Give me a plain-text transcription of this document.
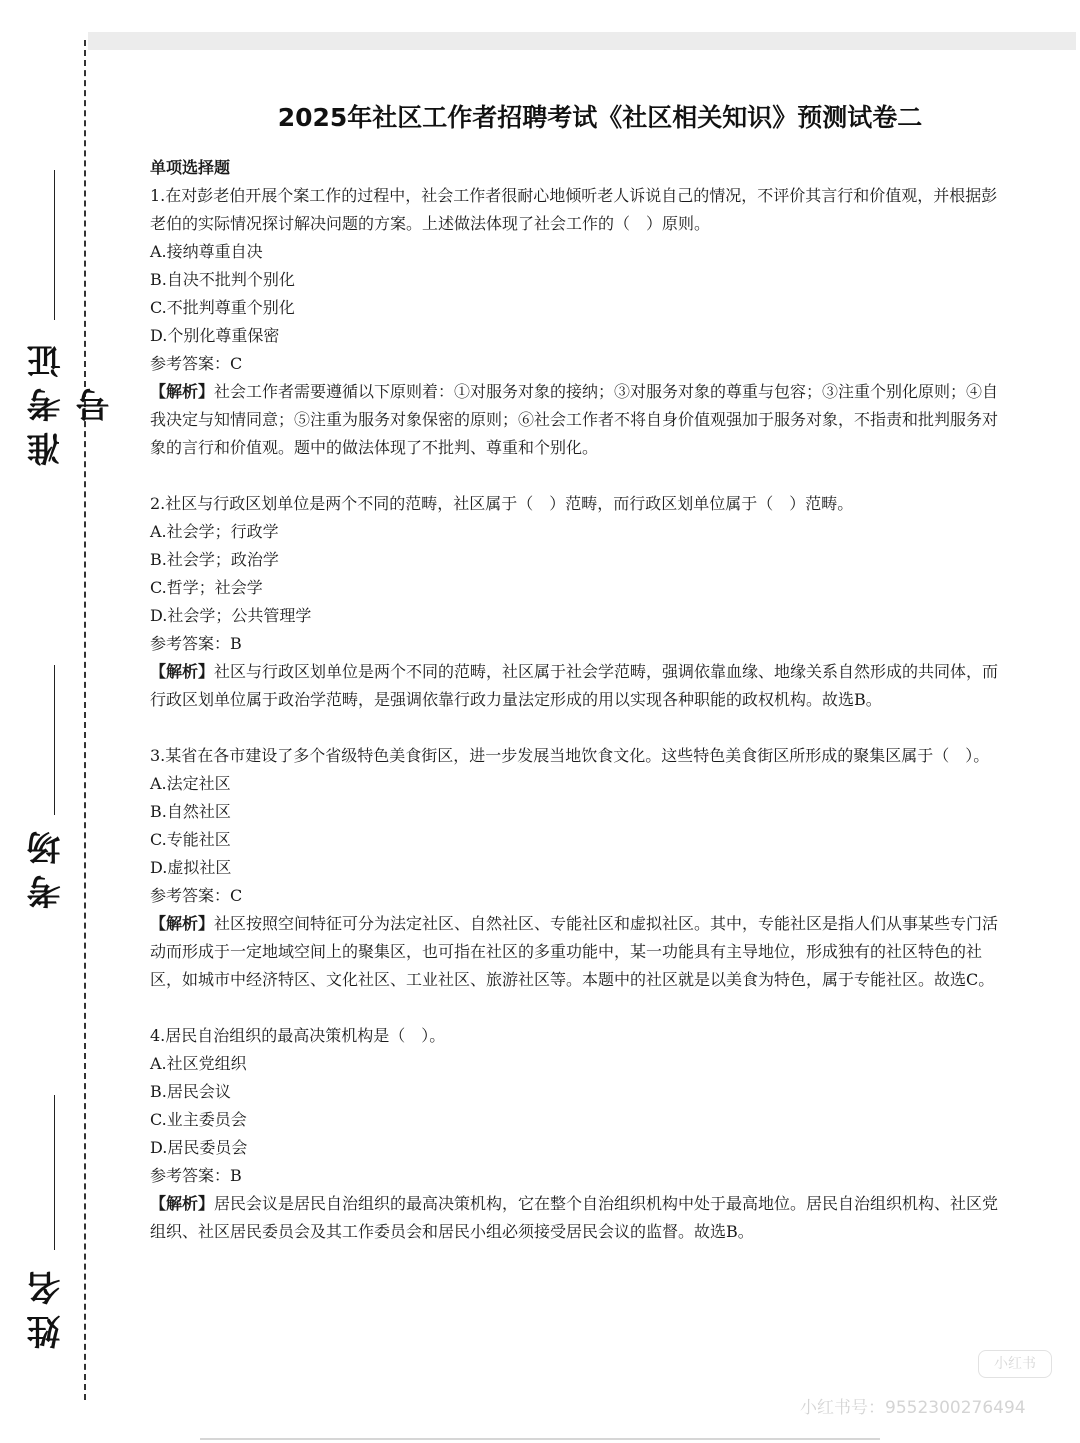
准考证号
考场
姓名
2025年社区工作者招聘考试《社区相关知识》预测试卷二
单项选择题

1.在对彭老伯开展个案工作的过程中，社会工作者很耐心地倾听老人诉说自己的情况，不评价其言行和价值观，并根据彭老伯的实际情况探讨解决问题的方案。上述做法体现了社会工作的（　）原则。

A.接纳尊重自决

B.自决不批判个别化

C.不批判尊重个别化

D.个别化尊重保密

参考答案：C

【解析】社会工作者需要遵循以下原则着：①对服务对象的接纳；③对服务对象的尊重与包容；③注重个别化原则；④自我决定与知情同意；⑤注重为服务对象保密的原则；⑥社会工作者不将自身价值观强加于服务对象，不指责和批判服务对象的言行和价值观。题中的做法体现了不批判、尊重和个别化。

2.社区与行政区划单位是两个不同的范畴，社区属于（　）范畴，而行政区划单位属于（　）范畴。

A.社会学；行政学

B.社会学；政治学

C.哲学；社会学

D.社会学；公共管理学

参考答案：B

【解析】社区与行政区划单位是两个不同的范畴，社区属于社会学范畴，强调依靠血缘、地缘关系自然形成的共同体，而行政区划单位属于政治学范畴，是强调依靠行政力量法定形成的用以实现各种职能的政权机构。故选B。

3.某省在各市建设了多个省级特色美食街区，进一步发展当地饮食文化。这些特色美食街区所形成的聚集区属于（　）。

A.法定社区

B.自然社区

C.专能社区

D.虚拟社区

参考答案：C

【解析】社区按照空间特征可分为法定社区、自然社区、专能社区和虚拟社区。其中，专能社区是指人们从事某些专门活动而形成于一定地域空间上的聚集区，也可指在社区的多重功能中，某一功能具有主导地位，形成独有的社区特色的社区，如城市中经济特区、文化社区、工业社区、旅游社区等。本题中的社区就是以美食为特色，属于专能社区。故选C。

4.居民自治组织的最高决策机构是（　）。

A.社区党组织

B.居民会议

C.业主委员会

D.居民委员会

参考答案：B

【解析】居民会议是居民自治组织的最高决策机构，它在整个自治组织机构中处于最高地位。居民自治组织机构、社区党组织、社区居民委员会及其工作委员会和居民小组必须接受居民会议的监督。故选B。

小红书
小红书号：9552300276494
